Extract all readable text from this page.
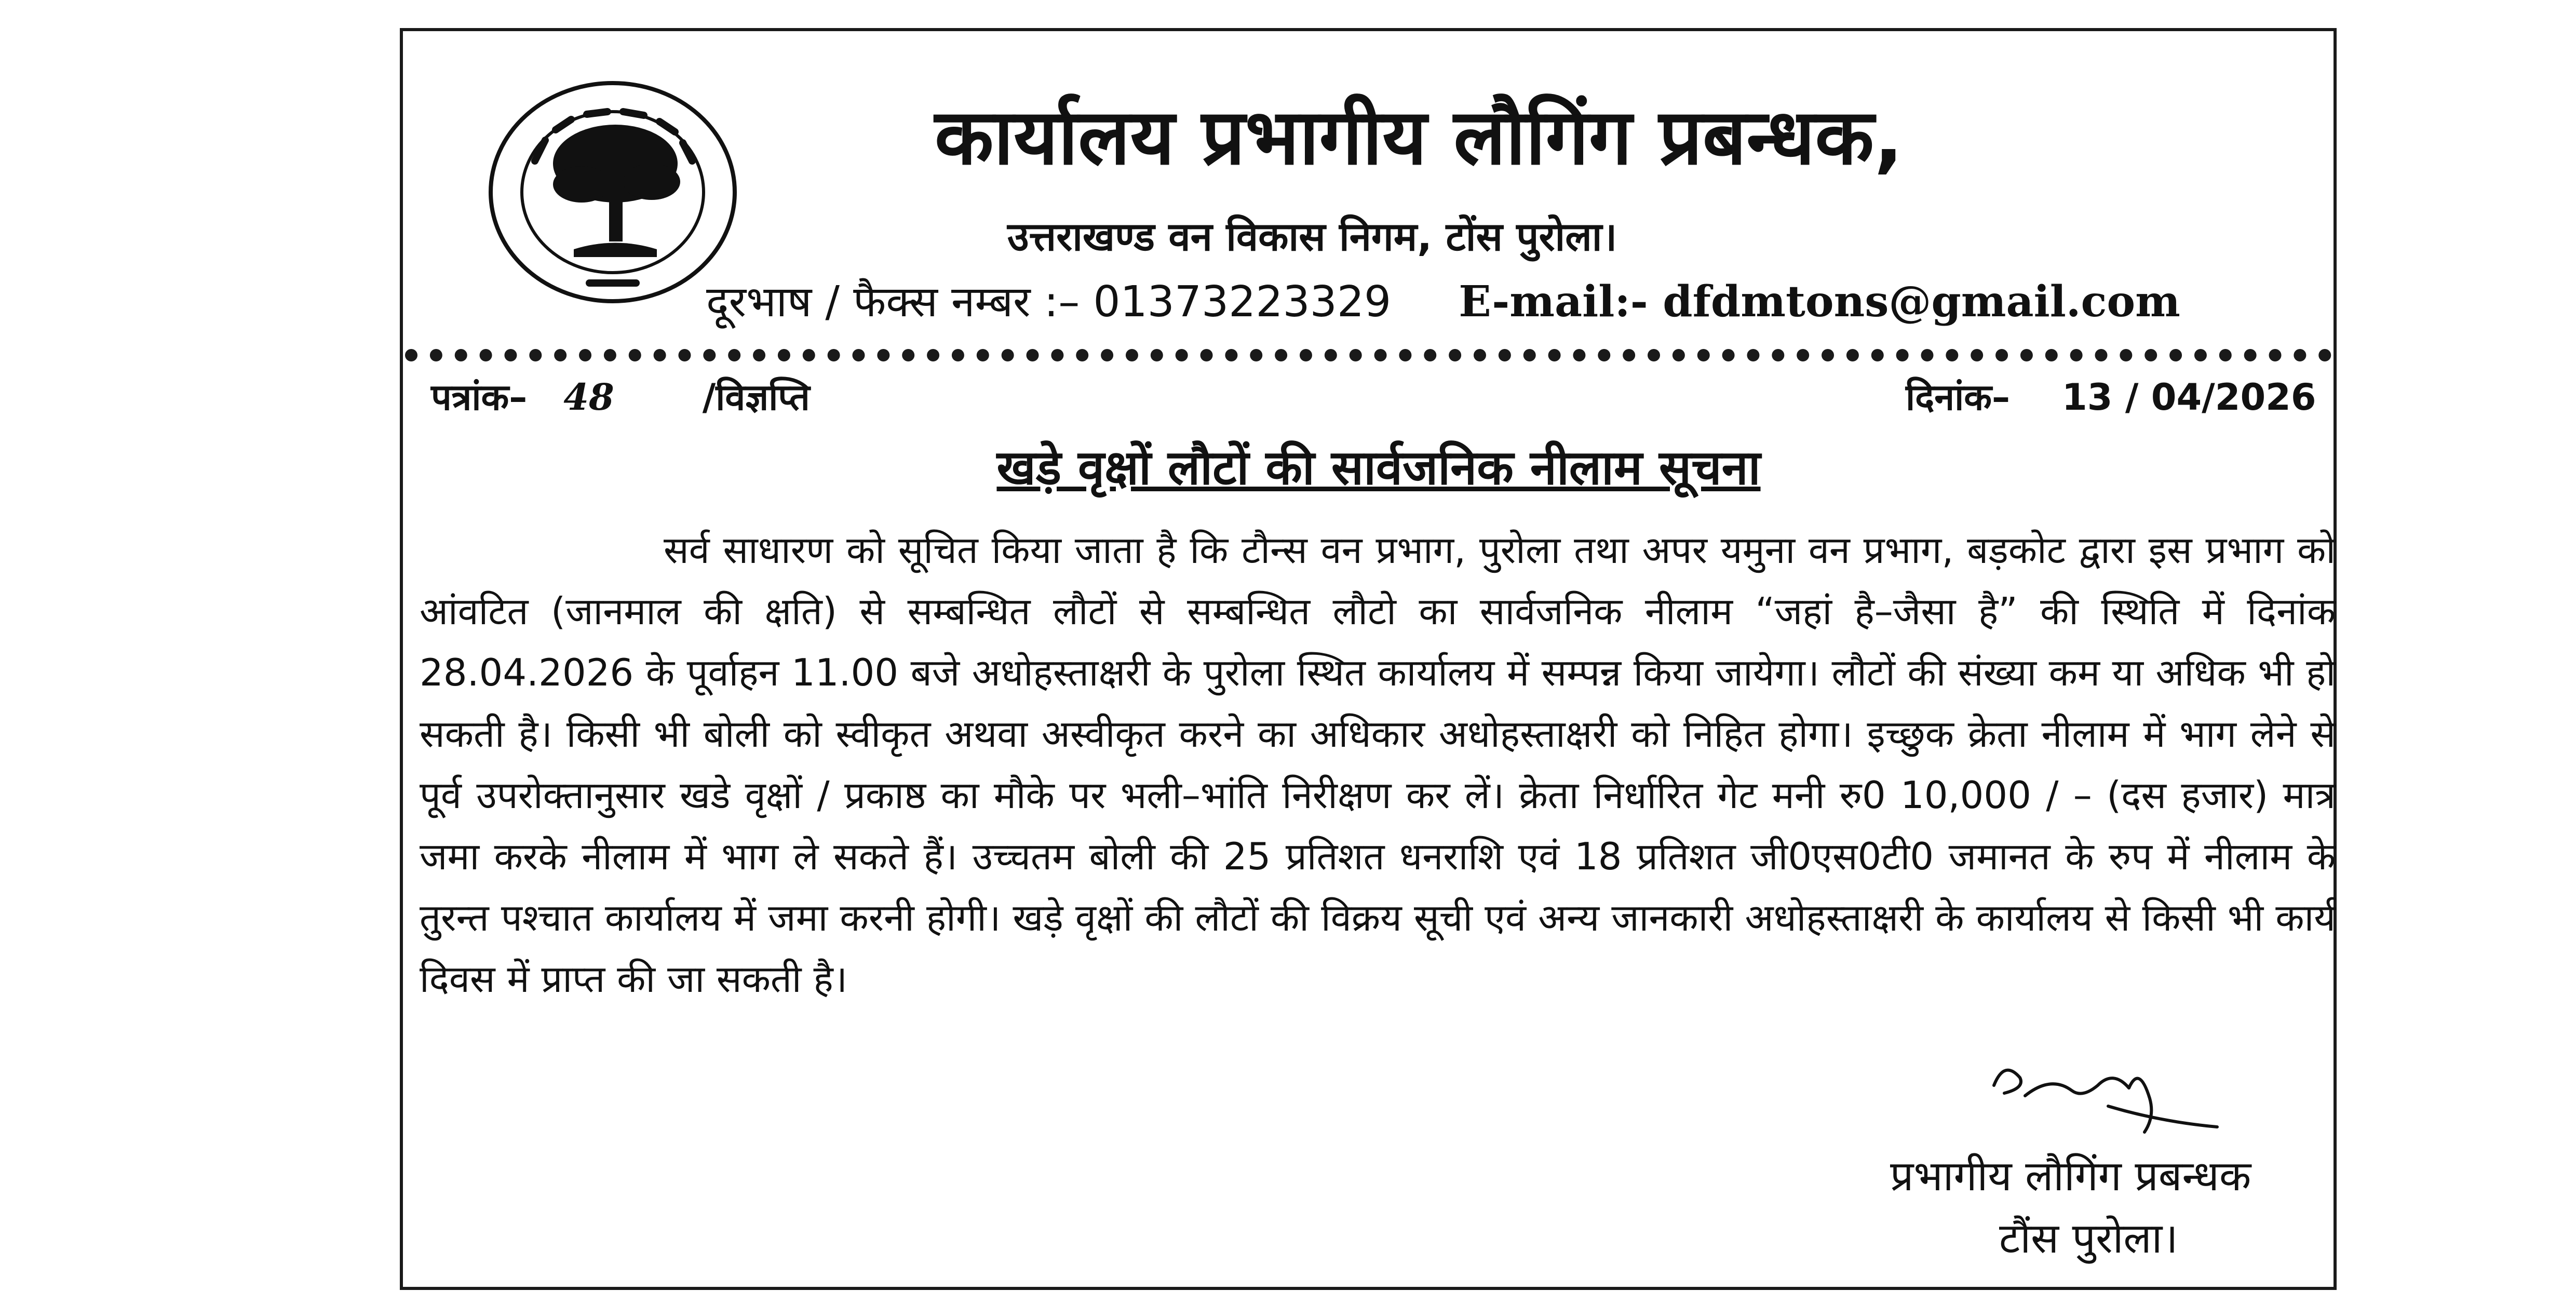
कार्यालय प्रभागीय लौगिंग प्रबन्धक,
उत्तराखण्ड वन विकास निगम, टोंस पुरोला।
दूरभाष / फैक्स नम्बर :– 01373223329 E-mail:- dfdmtons@gmail.com
पत्रांक– 48 /विज्ञप्ति	दिनांक– 13 / 04/2026
खड़े वृक्षों लौटों की सार्वजनिक नीलाम सूचना

सर्व साधारण को सूचित किया जाता है कि टौन्स वन प्रभाग, पुरोला तथा अपर यमुना वन प्रभाग, बड़कोट द्वारा इस प्रभाग को आंवटित (जानमाल की क्षति) से सम्बन्धित लौटों से सम्बन्धित लौटो का सार्वजनिक नीलाम “जहां है–जैसा है” की स्थिति में दिनांक 28.04.2026 के पूर्वाहन 11.00 बजे अधोहस्ताक्षरी के पुरोला स्थित कार्यालय में सम्पन्न किया जायेगा। लौटों की संख्या कम या अधिक भी हो सकती है। किसी भी बोली को स्वीकृत अथवा अस्वीकृत करने का अधिकार अधोहस्ताक्षरी को निहित होगा। इच्छुक क्रेता नीलाम में भाग लेने से पूर्व उपरोक्तानुसार खडे वृक्षों / प्रकाष्ठ का मौके पर भली–भांति निरीक्षण कर लें। क्रेता निर्धारित गेट मनी रु0 10,000 / – (दस हजार) मात्र जमा करके नीलाम में भाग ले सकते हैं। उच्चतम बोली की 25 प्रतिशत धनराशि एवं 18 प्रतिशत जी0एस0टी0 जमानत के रुप में नीलाम के तुरन्त पश्चात कार्यालय में जमा करनी होगी। खड़े वृक्षों की लौटों की विक्रय सूची एवं अन्य जानकारी अधोहस्ताक्षरी के कार्यालय से किसी भी कार्य दिवस में प्राप्त की जा सकती है।

प्रभागीय लौगिंग प्रबन्धक
टौंस पुरोला।
